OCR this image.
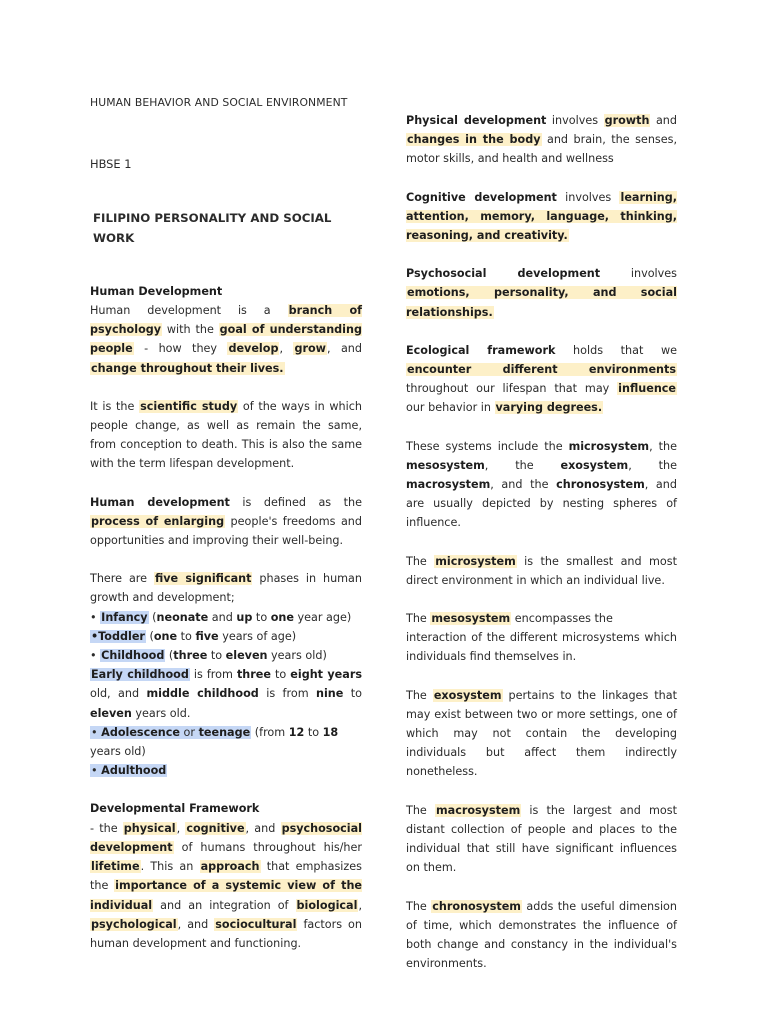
HUMAN BEHAVIOR AND SOCIAL ENVIRONMENT

HBSE 1

FILIPINO PERSONALITY AND SOCIAL WORK

Human Development

Human development is a branch of psychology with the goal of understanding people - how they develop, grow, and change throughout their lives.

It is the scientific study of the ways in which people change, as well as remain the same, from conception to death. This is also the same with the term lifespan development.

Human development is defined as the process of enlarging people's freedoms and opportunities and improving their well-being.

There are five significant phases in human growth and development;

• Infancy (neonate and up to one year age)

•Toddler (one to five years of age)

• Childhood (three to eleven years old)

Early childhood is from three to eight years old, and middle childhood is from nine to eleven years old.

• Adolescence or teenage (from 12 to 18 years old)

• Adulthood

Developmental Framework

- the physical, cognitive, and psychosocial development of humans throughout his/her lifetime. This an approach that emphasizes the importance of a systemic view of the individual and an integration of biological, psychological, and sociocultural factors on human development and functioning.

Physical development involves growth and changes in the body and brain, the senses, motor skills, and health and wellness

Cognitive development involves learning, attention, memory, language, thinking, reasoning, and creativity.

Psychosocial development involves emotions, personality, and social relationships.

Ecological framework holds that we encounter different environments throughout our lifespan that may influence our behavior in varying degrees.

These systems include the microsystem, the mesosystem, the exosystem, the macrosystem, and the chronosystem, and are usually depicted by nesting spheres of influence.

The microsystem is the smallest and most direct environment in which an individual live.

The mesosystem encompasses the

interaction of the different microsystems which individuals find themselves in.

The exosystem pertains to the linkages that may exist between two or more settings, one of which may not contain the developing individuals but affect them indirectly nonetheless.

The macrosystem is the largest and most distant collection of people and places to the individual that still have significant influences on them.

The chronosystem adds the useful dimension of time, which demonstrates the influence of both change and constancy in the individual's environments.
